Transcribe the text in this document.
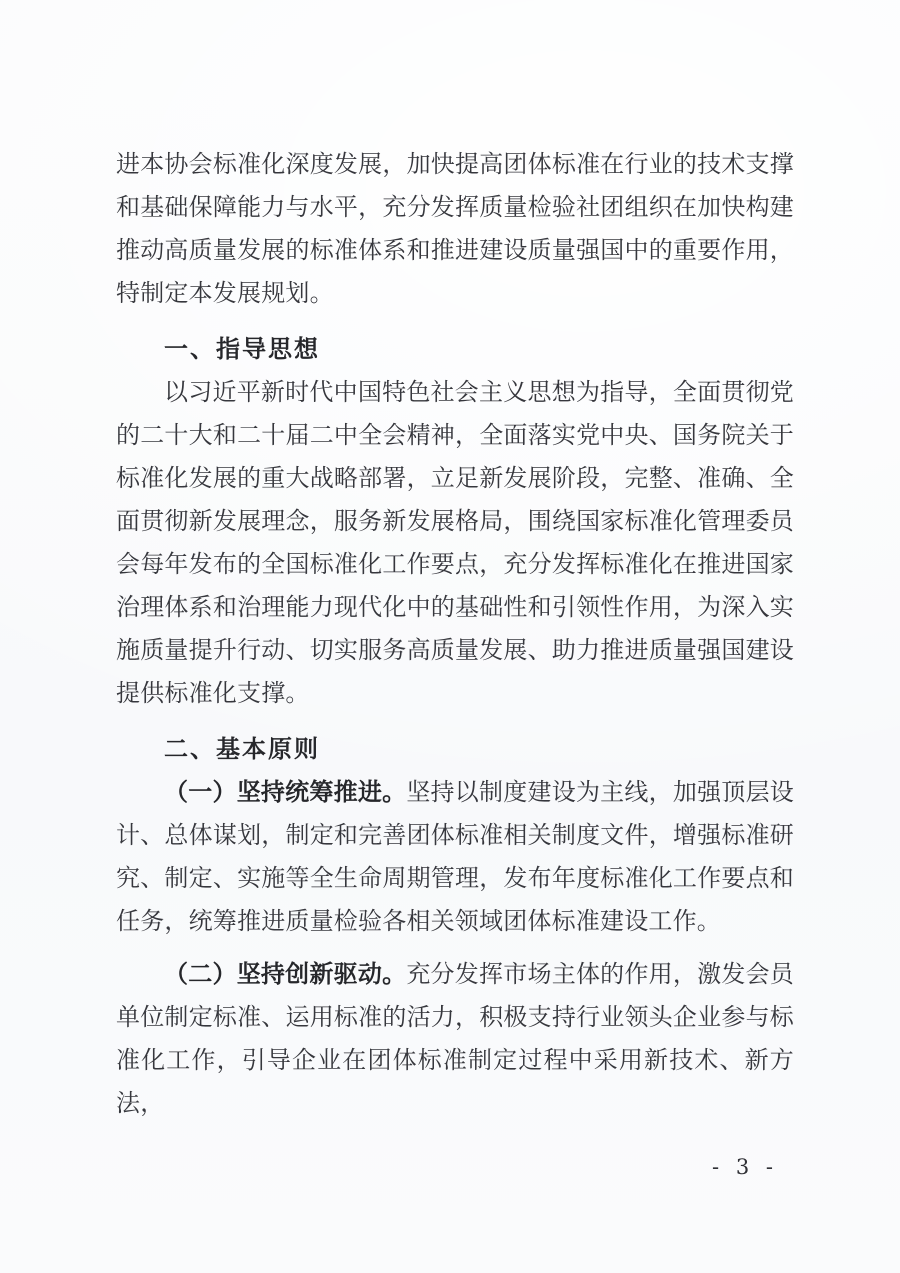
进本协会标准化深度发展，加快提高团体标准在行业的技术支撑和基础保障能力与水平，充分发挥质量检验社团组织在加快构建推动高质量发展的标准体系和推进建设质量强国中的重要作用，特制定本发展规划。

一、指导思想

以习近平新时代中国特色社会主义思想为指导，全面贯彻党的二十大和二十届二中全会精神，全面落实党中央、国务院关于标准化发展的重大战略部署，立足新发展阶段，完整、准确、全面贯彻新发展理念，服务新发展格局，围绕国家标准化管理委员会每年发布的全国标准化工作要点，充分发挥标准化在推进国家治理体系和治理能力现代化中的基础性和引领性作用，为深入实施质量提升行动、切实服务高质量发展、助力推进质量强国建设提供标准化支撑。

二、基本原则

（一）坚持统筹推进。坚持以制度建设为主线，加强顶层设计、总体谋划，制定和完善团体标准相关制度文件，增强标准研究、制定、实施等全生命周期管理，发布年度标准化工作要点和任务，统筹推进质量检验各相关领域团体标准建设工作。

（二）坚持创新驱动。充分发挥市场主体的作用，激发会员单位制定标准、运用标准的活力，积极支持行业领头企业参与标准化工作，引导企业在团体标准制定过程中采用新技术、新方法，

- 3 -
